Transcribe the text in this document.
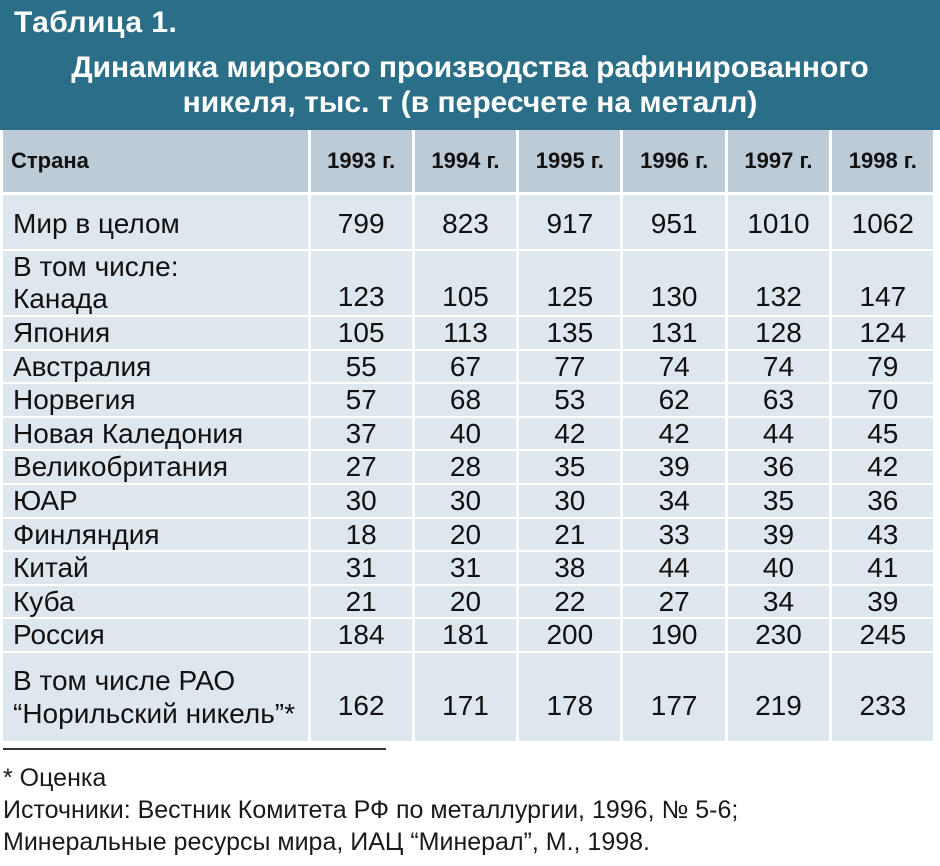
Таблица 1.
Динамика мирового производства рафинированного
никеля, тыс. т (в пересчете на металл)
Страна	1993 г.	1994 г.	1995 г.	1996 г.	1997 г.	1998 г.
Мир в целом	799	823	917	951	1010	1062

В том числе:
Канада	123	105	125	130	132	147
Япония	105	113	135	131	128	124
Австралия	55	67	77	74	74	79
Норвегия	57	68	53	62	63	70
Новая Каледония	37	40	42	42	44	45
Великобритания	27	28	35	39	36	42
ЮАР	30	30	30	34	35	36
Финляндия	18	20	21	33	39	43
Китай	31	31	38	44	40	41
Куба	21	20	22	27	34	39
Россия	184	181	200	190	230	245

В том числе РАО
“Норильский никель”*	162	171	178	177	219	233
* Оценка
Источники: Вестник Комитета РФ по металлургии, 1996, № 5-6;
Минеральные ресурсы мира, ИАЦ “Минерал”, М., 1998.
